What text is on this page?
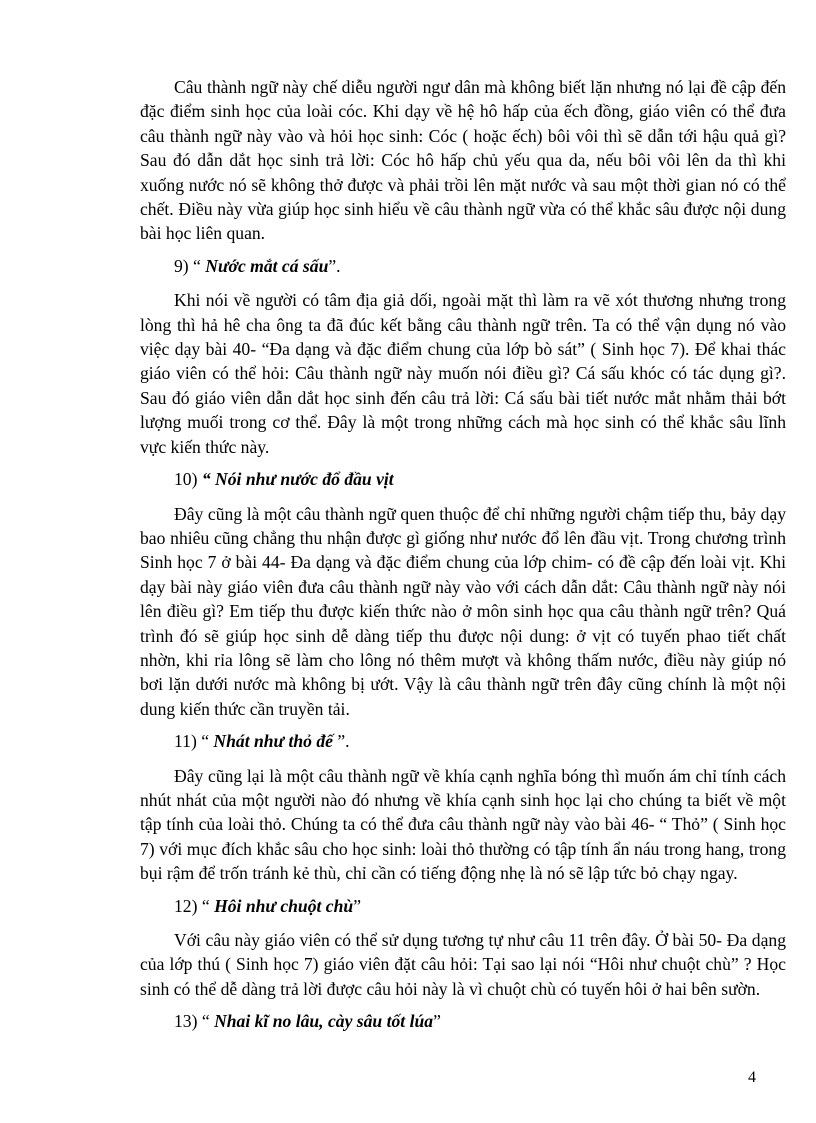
Câu thành ngữ này chế diễu người ngư dân mà không biết lặn nhưng nó lại đề cập đến đặc điểm sinh học của loài cóc. Khi dạy về hệ hô hấp của ếch đồng, giáo viên có thể đưa câu thành ngữ này vào và hỏi học sinh: Cóc ( hoặc ếch) bôi vôi thì sẽ dẫn tới hậu quả gì? Sau đó dẫn dắt học sinh trả lời: Cóc hô hấp chủ yếu qua da, nếu bôi vôi lên da thì khi xuống nước nó sẽ không thở được và phải trồi lên mặt nước và sau một thời gian nó có thể chết. Điều này vừa giúp học sinh hiểu về câu thành ngữ vừa có thể khắc sâu được nội dung bài học liên quan.

9) “ Nước mắt cá sấu”.

Khi nói về người có tâm địa giả dối, ngoài mặt thì làm ra vẽ xót thương nhưng trong lòng thì hả hê cha ông ta đã đúc kết bằng câu thành ngữ trên. Ta có thể vận dụng nó vào việc dạy bài 40- “Đa dạng và đặc điểm chung của lớp bò sát” ( Sinh học 7). Để khai thác giáo viên có thể hỏi: Câu thành ngữ này muốn nói điều gì? Cá sấu khóc có tác dụng gì?. Sau đó giáo viên dẫn dắt học sinh đến câu trả lời: Cá sấu bài tiết nước mắt nhằm thải bớt lượng muối trong cơ thể. Đây là một trong những cách mà học sinh có thể khắc sâu lĩnh vực kiến thức này.

10) “ Nói như nước đổ đầu vịt

Đây cũng là một câu thành ngữ quen thuộc để chỉ những người chậm tiếp thu, bảy dạy bao nhiêu cũng chẳng thu nhận được gì giống như nước đổ lên đầu vịt. Trong chương trình Sinh học 7 ở bài 44- Đa dạng và đặc điểm chung của lớp chim- có đề cập đến loài vịt. Khi dạy bài này giáo viên đưa câu thành ngữ này vào với cách dẫn dắt: Câu thành ngữ này nói lên điều gì? Em tiếp thu được kiến thức nào ở môn sinh học qua câu thành ngữ trên? Quá trình đó sẽ giúp học sinh dễ dàng tiếp thu được nội dung: ở vịt có tuyến phao tiết chất nhờn, khi rỉa lông sẽ làm cho lông nó thêm mượt và không thấm nước, điều này giúp nó bơi lặn dưới nước mà không bị ướt. Vậy là câu thành ngữ trên đây cũng chính là một nội dung kiến thức cần truyền tải.

11) “ Nhát như thỏ đế ”.

Đây cũng lại là một câu thành ngữ về khía cạnh nghĩa bóng thì muốn ám chỉ tính cách nhút nhát của một người nào đó nhưng về khía cạnh sinh học lại cho chúng ta biết về một tập tính của loài thỏ. Chúng ta có thể đưa câu thành ngữ này vào bài 46- “ Thỏ” ( Sinh học 7) với mục đích khắc sâu cho học sinh: loài thỏ thường có tập tính ẩn náu trong hang, trong bụi rậm để trốn tránh kẻ thù, chỉ cần có tiếng động nhẹ là nó sẽ lập tức bỏ chạy ngay.

12) “ Hôi như chuột chù”

Với câu này giáo viên có thể sử dụng tương tự như câu 11 trên đây. Ở bài 50- Đa dạng của lớp thú ( Sinh học 7) giáo viên đặt câu hỏi: Tại sao lại nói “Hôi như chuột chù” ? Học sinh có thể dễ dàng trả lời được câu hỏi này là vì chuột chù có tuyến hôi ở hai bên sườn.

13) “ Nhai kĩ no lâu, cày sâu tốt lúa”

4
